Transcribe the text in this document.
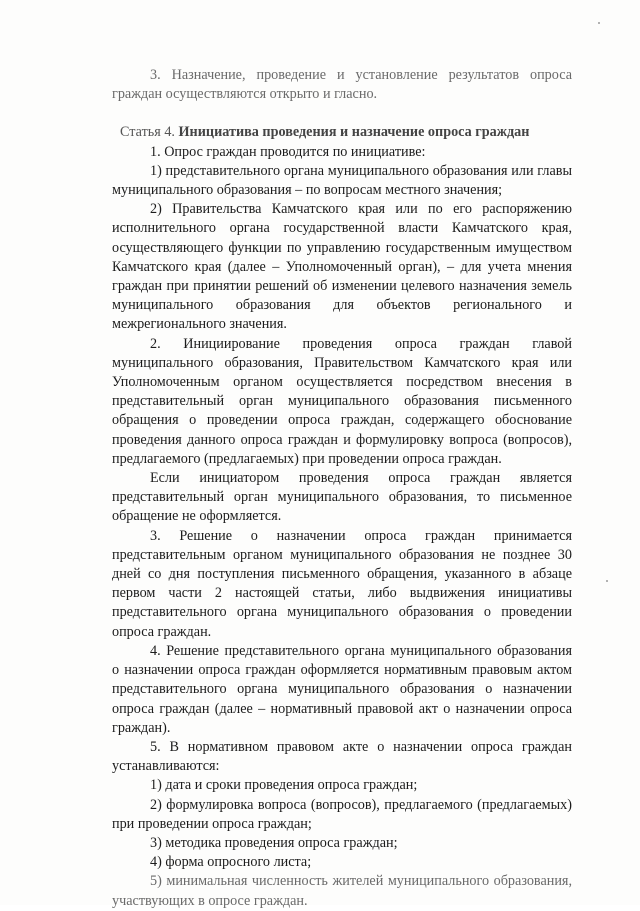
3. Назначение, проведение и установление результатов опроса граждан осуществляются открыто и гласно.

Статья 4. Инициатива проведения и назначение опроса граждан

1. Опрос граждан проводится по инициативе:

1) представительного органа муниципального образования или главы муниципального образования – по вопросам местного значения;

2) Правительства Камчатского края или по его распоряжению исполнительного органа государственной власти Камчатского края, осуществляющего функции по управлению государственным имуществом Камчатского края (далее – Уполномоченный орган), – для учета мнения граждан при принятии решений об изменении целевого назначения земель муниципального образования для объектов регионального и межрегионального значения.

2. Инициирование проведения опроса граждан главой муниципального образования, Правительством Камчатского края или Уполномоченным органом осуществляется посредством внесения в представительный орган муниципального образования письменного обращения о проведении опроса граждан, содержащего обоснование проведения данного опроса граждан и формулировку вопроса (вопросов), предлагаемого (предлагаемых) при проведении опроса граждан.

Если инициатором проведения опроса граждан является представительный орган муниципального образования, то письменное обращение не оформляется.

3. Решение о назначении опроса граждан принимается представительным органом муниципального образования не позднее 30 дней со дня поступления письменного обращения, указанного в абзаце первом части 2 настоящей статьи, либо выдвижения инициативы представительного органа муниципального образования о проведении опроса граждан.

4. Решение представительного органа муниципального образования о назначении опроса граждан оформляется нормативным правовым актом представительного органа муниципального образования о назначении опроса граждан (далее – нормативный правовой акт о назначении опроса граждан).

5. В нормативном правовом акте о назначении опроса граждан устанавливаются:

1) дата и сроки проведения опроса граждан;

2) формулировка вопроса (вопросов), предлагаемого (предлагаемых) при проведении опроса граждан;

3) методика проведения опроса граждан;

4) форма опросного листа;

5) минимальная численность жителей муниципального образования, участвующих в опросе граждан.
